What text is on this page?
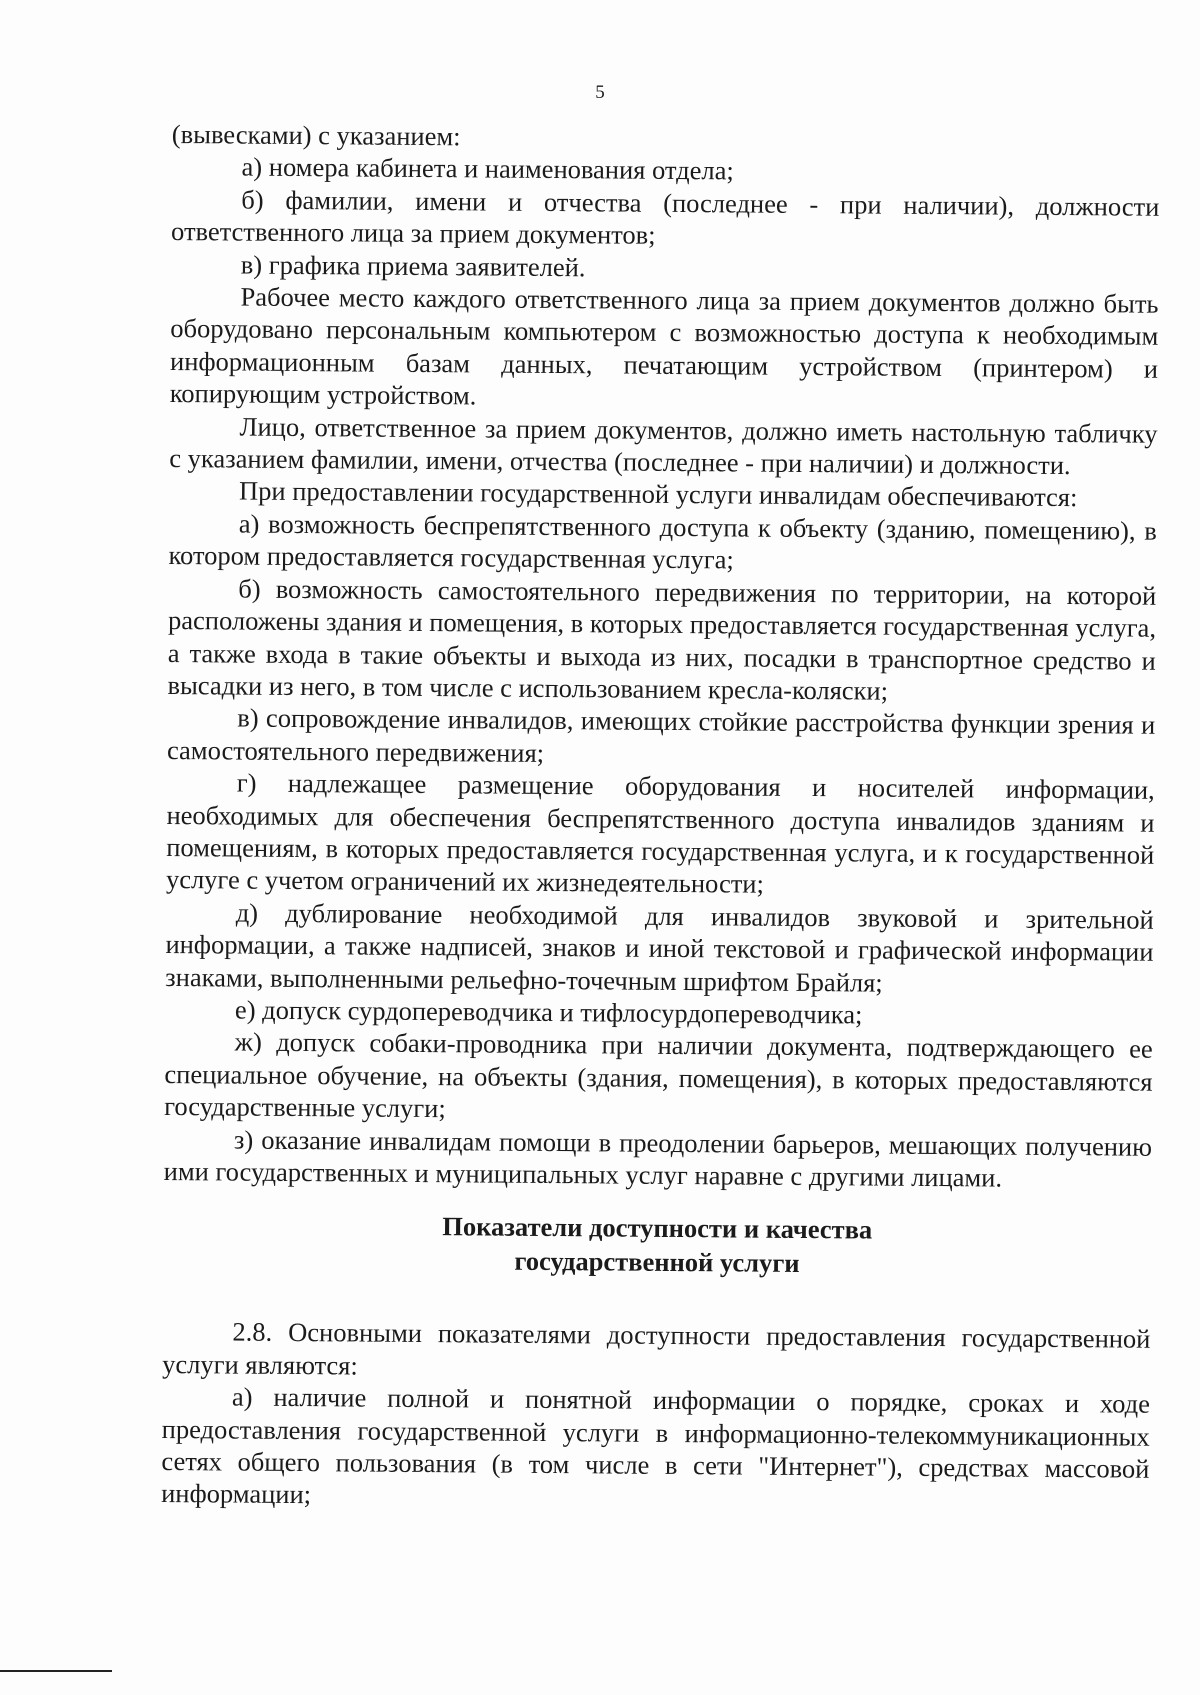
5

(вывесками) с указанием:

а) номера кабинета и наименования отдела;

б) фамилии, имени и отчества (последнее - при наличии), должности ответственного лица за прием документов;

в) графика приема заявителей.

Рабочее место каждого ответственного лица за прием документов должно быть оборудовано персональным компьютером с возможностью доступа к необходимым информационным базам данных, печатающим устройством (принтером) и копирующим устройством.

Лицо, ответственное за прием документов, должно иметь настольную табличку с указанием фамилии, имени, отчества (последнее - при наличии) и должности.

При предоставлении государственной услуги инвалидам обеспечиваются:

а) возможность беспрепятственного доступа к объекту (зданию, помещению), в котором предоставляется государственная услуга;

б) возможность самостоятельного передвижения по территории, на которой расположены здания и помещения, в которых предоставляется государственная услуга, а также входа в такие объекты и выхода из них, посадки в транспортное средство и высадки из него, в том числе с использованием кресла-коляски;

в) сопровождение инвалидов, имеющих стойкие расстройства функции зрения и самостоятельного передвижения;

г) надлежащее размещение оборудования и носителей информации, необходимых для обеспечения беспрепятственного доступа инвалидов зданиям и помещениям, в которых предоставляется государственная услуга, и к государственной услуге с учетом ограничений их жизнедеятельности;

д) дублирование необходимой для инвалидов звуковой и зрительной информации, а также надписей, знаков и иной текстовой и графической информации знаками, выполненными рельефно-точечным шрифтом Брайля;

е) допуск сурдопереводчика и тифлосурдопереводчика;

ж) допуск собаки-проводника при наличии документа, подтверждающего ее специальное обучение, на объекты (здания, помещения), в которых предоставляются государственные услуги;

з) оказание инвалидам помощи в преодолении барьеров, мешающих получению ими государственных и муниципальных услуг наравне с другими лицами.

Показатели доступности и качества
государственной услуги

2.8. Основными показателями доступности предоставления государственной услуги являются:

а) наличие полной и понятной информации о порядке, сроках и ходе предоставления государственной услуги в информационно-телекоммуникационных сетях общего пользования (в том числе в сети "Интернет"), средствах массовой информации;
